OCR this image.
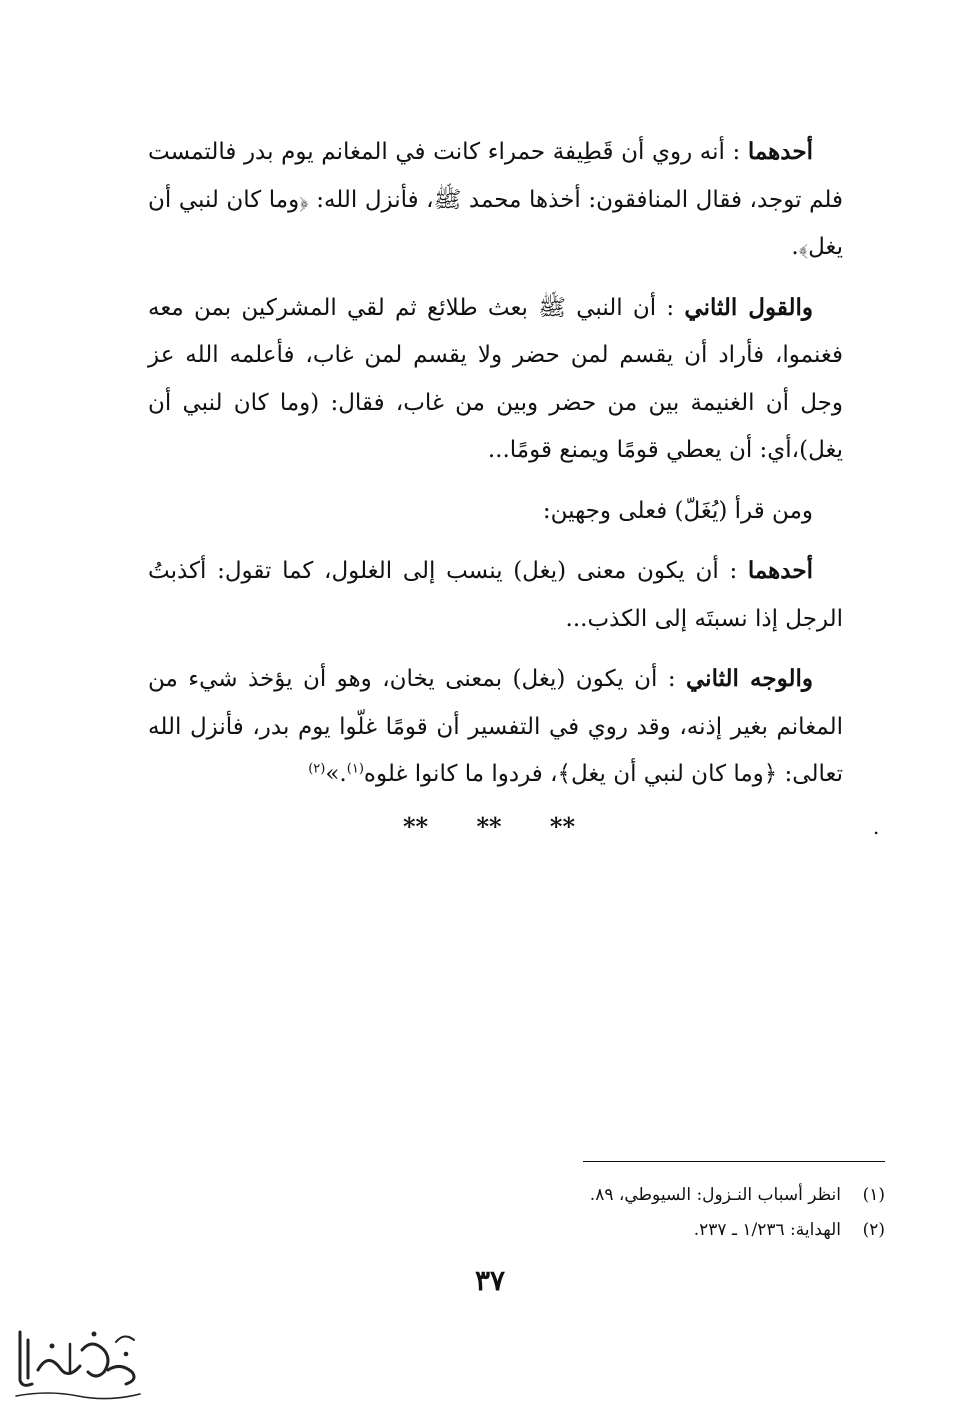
أحدهما : أنه روي أن قَطِيفة حمراء كانت في المغانم يوم بدر فالتمست فلم توجد، فقال المنافقون: أخذها محمد ﷺ، فأنزل الله: ﴿وما كان لنبي أن يغل﴾.

والقول الثاني : أن النبي ﷺ بعث طلائع ثم لقي المشركين بمن معه فغنموا، فأراد أن يقسم لمن حضر ولا يقسم لمن غاب، فأعلمه الله عز وجل أن الغنيمة بين من حضر وبين من غاب، فقال: (وما كان لنبي أن يغل)،أي: أن يعطي قومًا ويمنع قومًا...

ومن قرأ (يُغَلّ) فعلى وجهين:

أحدهما : أن يكون معنى (يغل) ينسب إلى الغلول، كما تقول: أكذبتُ الرجل إذا نسبتَه إلى الكذب...

والوجه الثاني : أن يكون (يغل) بمعنى يخان، وهو أن يؤخذ شيء من المغانم بغير إذنه، وقد روي في التفسير أن قومًا غلّوا يوم بدر، فأنزل الله تعالى: ﴿وما كان لنبي أن يغل﴾، فردوا ما كانوا غلوه$^{(١)}$.»$^{(٢)}$

** ** **	.
(١)انظر أسباب النـزول: السيوطي، ٨٩.
(٢)الهداية: ١/٢٣٦ ـ ٢٣٧.
٣٧
